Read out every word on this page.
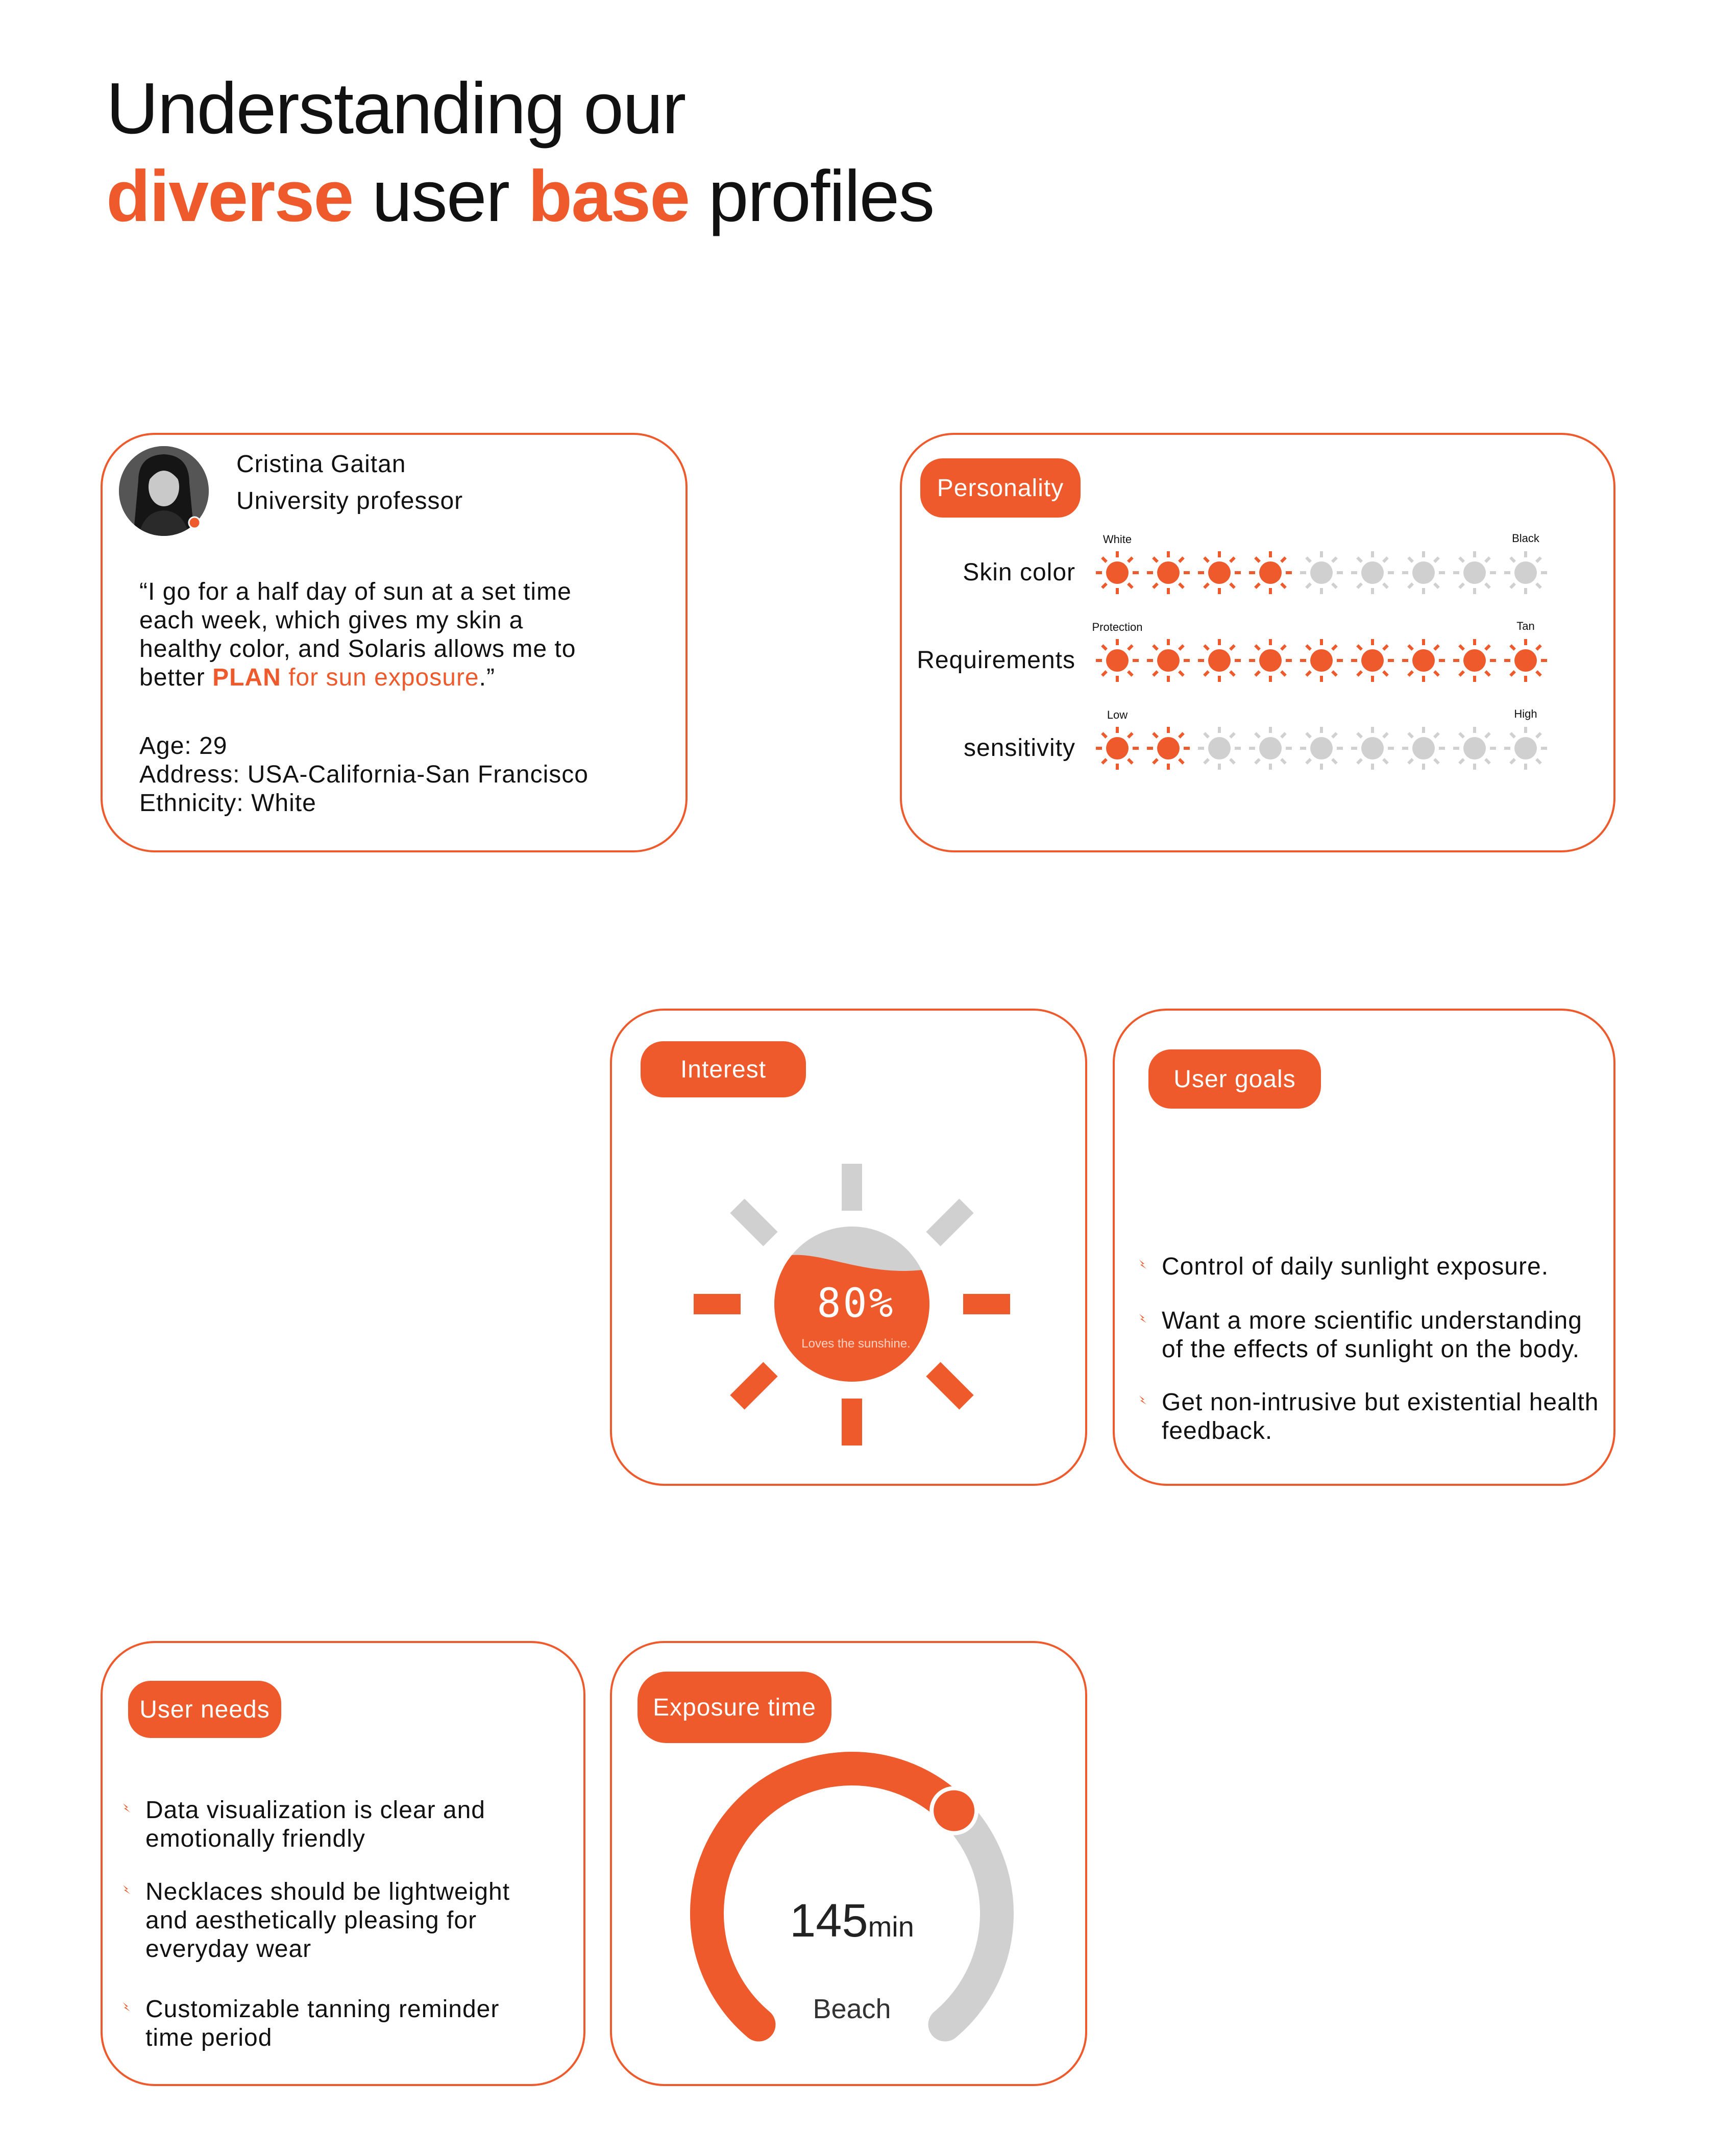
Understanding our
diverse user base profiles
Cristina Gaitan
University professor
“I go for a half day of sun at a set time each week, which gives my skin a healthy color, and Solaris allows me to better PLAN for sun exposure.”
Age: 29
Address: USA-California-San Francisco
Ethnicity: White
Personality
Skin color
White	Black
Requirements
Protection	Tan
sensitivity
Low	High
Interest
80%
Loves the sunshine.
User goals
Control of daily sunlight exposure.
Want a more scientific understanding of the effects of sunlight on the body.
Get non-intrusive but existential health feedback.
User needs
Data visualization is clear and emotionally friendly
Necklaces should be lightweight and aesthetically pleasing for everyday wear
Customizable tanning reminder time period
Exposure time
145min
Beach
